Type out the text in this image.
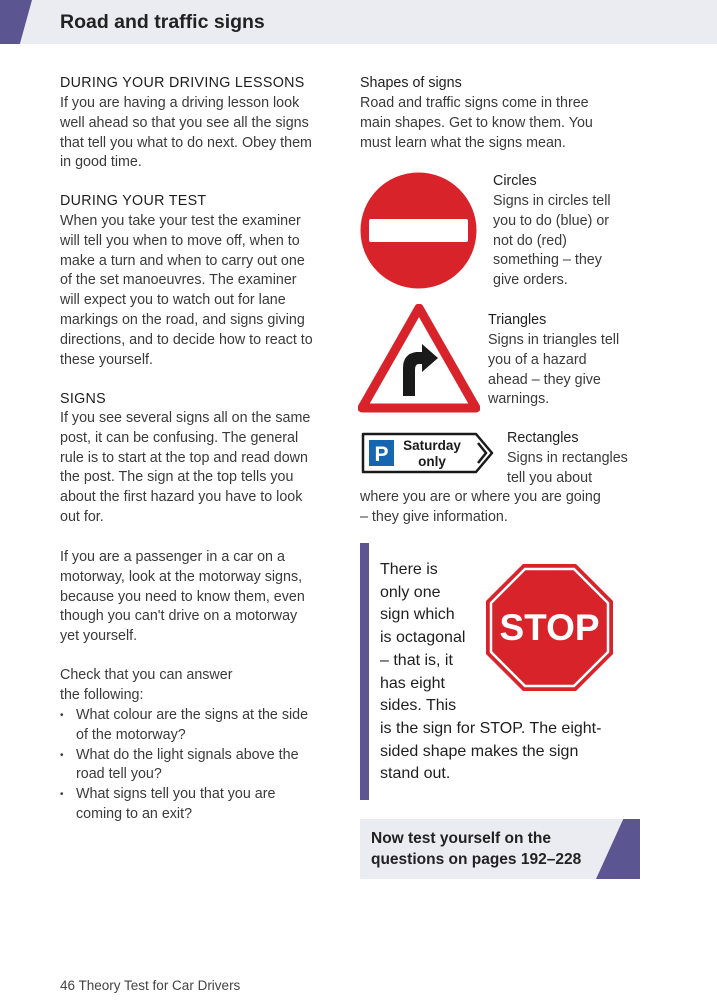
Road and traffic signs

DURING YOUR DRIVING LESSONS

If you are having a driving lesson look
well ahead so that you see all the signs
that tell you what to do next. Obey them
in good time.

DURING YOUR TEST

When you take your test the examiner
will tell you when to move off, when to
make a turn and when to carry out one
of the set manoeuvres. The examiner
will expect you to watch out for lane
markings on the road, and signs giving
directions, and to decide how to react to
these yourself.

SIGNS

If you see several signs all on the same
post, it can be confusing. The general
rule is to start at the top and read down
the post. The sign at the top tells you
about the first hazard you have to look
out for.
If you are a passenger in a car on a
motorway, look at the motorway signs,
because you need to know them, even
though you can't drive on a motorway
yet yourself.
Check that you can answer
the following:
• What colour are the signs at the side
of the motorway?
• What do the light signals above the
road tell you?
• What signs tell you that you are
coming to an exit?

Shapes of signs

Road and traffic signs come in three
main shapes. Get to know them. You
must learn what the signs mean.

Circles

Signs in circles tell
you to do (blue) or
not do (red)
something – they
give orders.

Triangles

Signs in triangles tell
you of a hazard
ahead – they give
warnings.
P Saturday
only

Rectangles

Signs in rectangles
tell you about
where you are or where you are going
– they give information.
There is
only one
sign which
is octagonal
– that is, it
has eight
sides. This
is the sign for STOP. The eight-
sided shape makes the sign
stand out.
STOP

Now test yourself on the
questions on pages 192–228

46 Theory Test for Car Drivers
